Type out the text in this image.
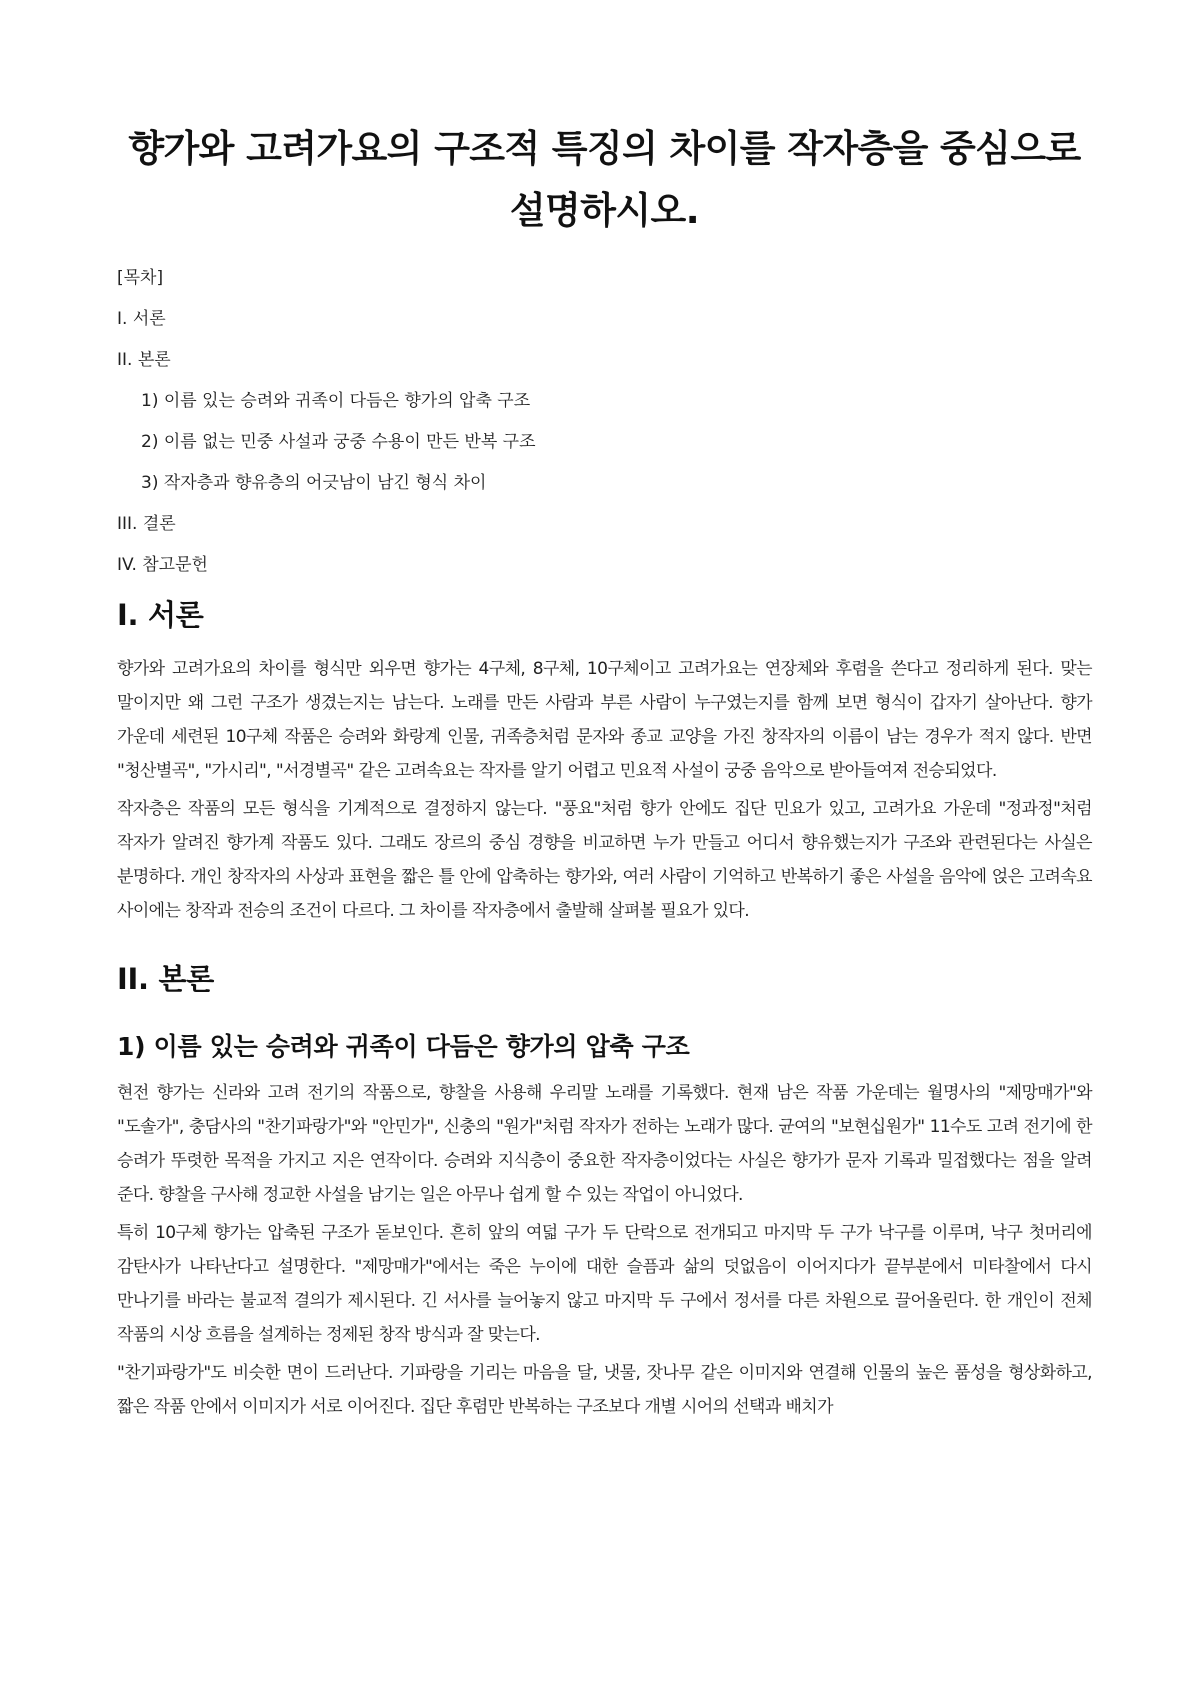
향가와 고려가요의 구조적 특징의 차이를 작자층을 중심으로 설명하시오.
[목차]
I. 서론
II. 본론
1) 이름 있는 승려와 귀족이 다듬은 향가의 압축 구조
2) 이름 없는 민중 사설과 궁중 수용이 만든 반복 구조
3) 작자층과 향유층의 어긋남이 남긴 형식 차이
III. 결론
IV. 참고문헌
I. 서론

향가와 고려가요의 차이를 형식만 외우면 향가는 4구체, 8구체, 10구체이고 고려가요는 연장체와 후렴을 쓴다고 정리하게 된다. 맞는 말이지만 왜 그런 구조가 생겼는지는 남는다. 노래를 만든 사람과 부른 사람이 누구였는지를 함께 보면 형식이 갑자기 살아난다. 향가 가운데 세련된 10구체 작품은 승려와 화랑계 인물, 귀족층처럼 문자와 종교 교양을 가진 창작자의 이름이 남는 경우가 적지 않다. 반면 "청산별곡", "가시리", "서경별곡" 같은 고려속요는 작자를 알기 어렵고 민요적 사설이 궁중 음악으로 받아들여져 전승되었다.

작자층은 작품의 모든 형식을 기계적으로 결정하지 않는다. "풍요"처럼 향가 안에도 집단 민요가 있고, 고려가요 가운데 "정과정"처럼 작자가 알려진 향가계 작품도 있다. 그래도 장르의 중심 경향을 비교하면 누가 만들고 어디서 향유했는지가 구조와 관련된다는 사실은 분명하다. 개인 창작자의 사상과 표현을 짧은 틀 안에 압축하는 향가와, 여러 사람이 기억하고 반복하기 좋은 사설을 음악에 얹은 고려속요 사이에는 창작과 전승의 조건이 다르다. 그 차이를 작자층에서 출발해 살펴볼 필요가 있다.

II. 본론
1) 이름 있는 승려와 귀족이 다듬은 향가의 압축 구조

현전 향가는 신라와 고려 전기의 작품으로, 향찰을 사용해 우리말 노래를 기록했다. 현재 남은 작품 가운데는 월명사의 "제망매가"와 "도솔가", 충담사의 "찬기파랑가"와 "안민가", 신충의 "원가"처럼 작자가 전하는 노래가 많다. 균여의 "보현십원가" 11수도 고려 전기에 한 승려가 뚜렷한 목적을 가지고 지은 연작이다. 승려와 지식층이 중요한 작자층이었다는 사실은 향가가 문자 기록과 밀접했다는 점을 알려 준다. 향찰을 구사해 정교한 사설을 남기는 일은 아무나 쉽게 할 수 있는 작업이 아니었다.

특히 10구체 향가는 압축된 구조가 돋보인다. 흔히 앞의 여덟 구가 두 단락으로 전개되고 마지막 두 구가 낙구를 이루며, 낙구 첫머리에 감탄사가 나타난다고 설명한다. "제망매가"에서는 죽은 누이에 대한 슬픔과 삶의 덧없음이 이어지다가 끝부분에서 미타찰에서 다시 만나기를 바라는 불교적 결의가 제시된다. 긴 서사를 늘어놓지 않고 마지막 두 구에서 정서를 다른 차원으로 끌어올린다. 한 개인이 전체 작품의 시상 흐름을 설계하는 정제된 창작 방식과 잘 맞는다.

"찬기파랑가"도 비슷한 면이 드러난다. 기파랑을 기리는 마음을 달, 냇물, 잣나무 같은 이미지와 연결해 인물의 높은 품성을 형상화하고, 짧은 작품 안에서 이미지가 서로 이어진다. 집단 후렴만 반복하는 구조보다 개별 시어의 선택과 배치가
